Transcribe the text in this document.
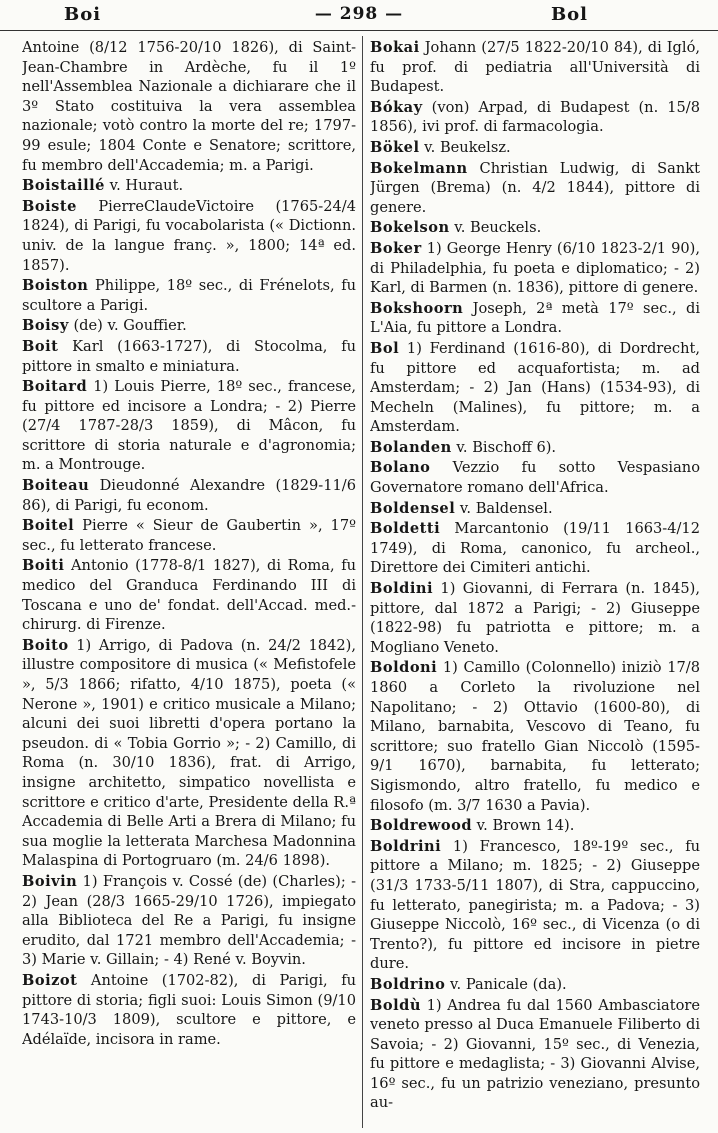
Boi	— 298 —	Bol

Antoine (8/12 1756-20/10 1826), di Saint-Jean-Chambre in Ardèche, fu il 1º nell'Assemblea Nazionale a dichiarare che il 3º Stato costituiva la vera assemblea nazionale; votò contro la morte del re; 1797-99 esule; 1804 Conte e Senatore; scrittore, fu membro dell'Accademia; m. a Parigi.

Boistaillé v. Huraut.

Boiste PierreClaudeVictoire (1765-24/4 1824), di Parigi, fu vocabolarista (« Dictionn. univ. de la langue franç. », 1800; 14ª ed. 1857).

Boiston Philippe, 18º sec., di Frénelots, fu scultore a Parigi.

Boisy (de) v. Gouffier.

Boit Karl (1663-1727), di Stocolma, fu pittore in smalto e miniatura.

Boitard 1) Louis Pierre, 18º sec., francese, fu pittore ed incisore a Londra; - 2) Pierre (27/4 1787-28/3 1859), di Mâcon, fu scrittore di storia naturale e d'agronomia; m. a Montrouge.

Boiteau Dieudonné Alexandre (1829-11/6 86), di Parigi, fu econom.

Boitel Pierre « Sieur de Gaubertin », 17º sec., fu letterato francese.

Boiti Antonio (1778-8/1 1827), di Roma, fu medico del Granduca Ferdinando III di Toscana e uno de' fondat. dell'Accad. med.-chirurg. di Firenze.

Boito 1) Arrigo, di Padova (n. 24/2 1842), illustre compositore di musica (« Mefistofele », 5/3 1866; rifatto, 4/10 1875), poeta (« Nerone », 1901) e critico musicale a Milano; alcuni dei suoi libretti d'opera portano la pseudon. di « Tobia Gorrio »; - 2) Camillo, di Roma (n. 30/10 1836), frat. di Arrigo, insigne architetto, simpatico novellista e scrittore e critico d'arte, Presidente della R.ª Accademia di Belle Arti a Brera di Milano; fu sua moglie la letterata Marchesa Madonnina Malaspina di Portogruaro (m. 24/6 1898).

Boivin 1) François v. Cossé (de) (Charles); - 2) Jean (28/3 1665-29/10 1726), impiegato alla Biblioteca del Re a Parigi, fu insigne erudito, dal 1721 membro dell'Accademia; - 3) Marie v. Gillain; - 4) René v. Boyvin.

Boizot Antoine (1702-82), di Parigi, fu pittore di storia; figli suoi: Louis Simon (9/10 1743-10/3 1809), scultore e pittore, e Adélaïde, incisora in rame.

Bokai Johann (27/5 1822-20/10 84), di Igló, fu prof. di pediatria all'Università di Budapest.

Bókay (von) Arpad, di Budapest (n. 15/8 1856), ivi prof. di farmacologia.

Bökel v. Beukelsz.

Bokelmann Christian Ludwig, di Sankt Jürgen (Brema) (n. 4/2 1844), pittore di genere.

Bokelson v. Beuckels.

Boker 1) George Henry (6/10 1823-2/1 90), di Philadelphia, fu poeta e diplomatico; - 2) Karl, di Barmen (n. 1836), pittore di genere.

Bokshoorn Joseph, 2ª metà 17º sec., di L'Aia, fu pittore a Londra.

Bol 1) Ferdinand (1616-80), di Dordrecht, fu pittore ed acquafortista; m. ad Amsterdam; - 2) Jan (Hans) (1534-93), di Mecheln (Malines), fu pittore; m. a Amsterdam.

Bolanden v. Bischoff 6).

Bolano Vezzio fu sotto Vespasiano Governatore romano dell'Africa.

Boldensel v. Baldensel.

Boldetti Marcantonio (19/11 1663-4/12 1749), di Roma, canonico, fu archeol., Direttore dei Cimiteri antichi.

Boldini 1) Giovanni, di Ferrara (n. 1845), pittore, dal 1872 a Parigi; - 2) Giuseppe (1822-98) fu patriotta e pittore; m. a Mogliano Veneto.

Boldoni 1) Camillo (Colonnello) iniziò 17/8 1860 a Corleto la rivoluzione nel Napolitano; - 2) Ottavio (1600-80), di Milano, barnabita, Vescovo di Teano, fu scrittore; suo fratello Gian Niccolò (1595-9/1 1670), barnabita, fu letterato; Sigismondo, altro fratello, fu medico e filosofo (m. 3/7 1630 a Pavia).

Boldrewood v. Brown 14).

Boldrini 1) Francesco, 18º-19º sec., fu pittore a Milano; m. 1825; - 2) Giuseppe (31/3 1733-5/11 1807), di Stra, cappuccino, fu letterato, panegirista; m. a Padova; - 3) Giuseppe Niccolò, 16º sec., di Vicenza (o di Trento?), fu pittore ed incisore in pietre dure.

Boldrino v. Panicale (da).

Boldù 1) Andrea fu dal 1560 Ambasciatore veneto presso al Duca Emanuele Filiberto di Savoia; - 2) Giovanni, 15º sec., di Venezia, fu pittore e medaglista; - 3) Giovanni Alvise, 16º sec., fu un patrizio veneziano, presunto au-
